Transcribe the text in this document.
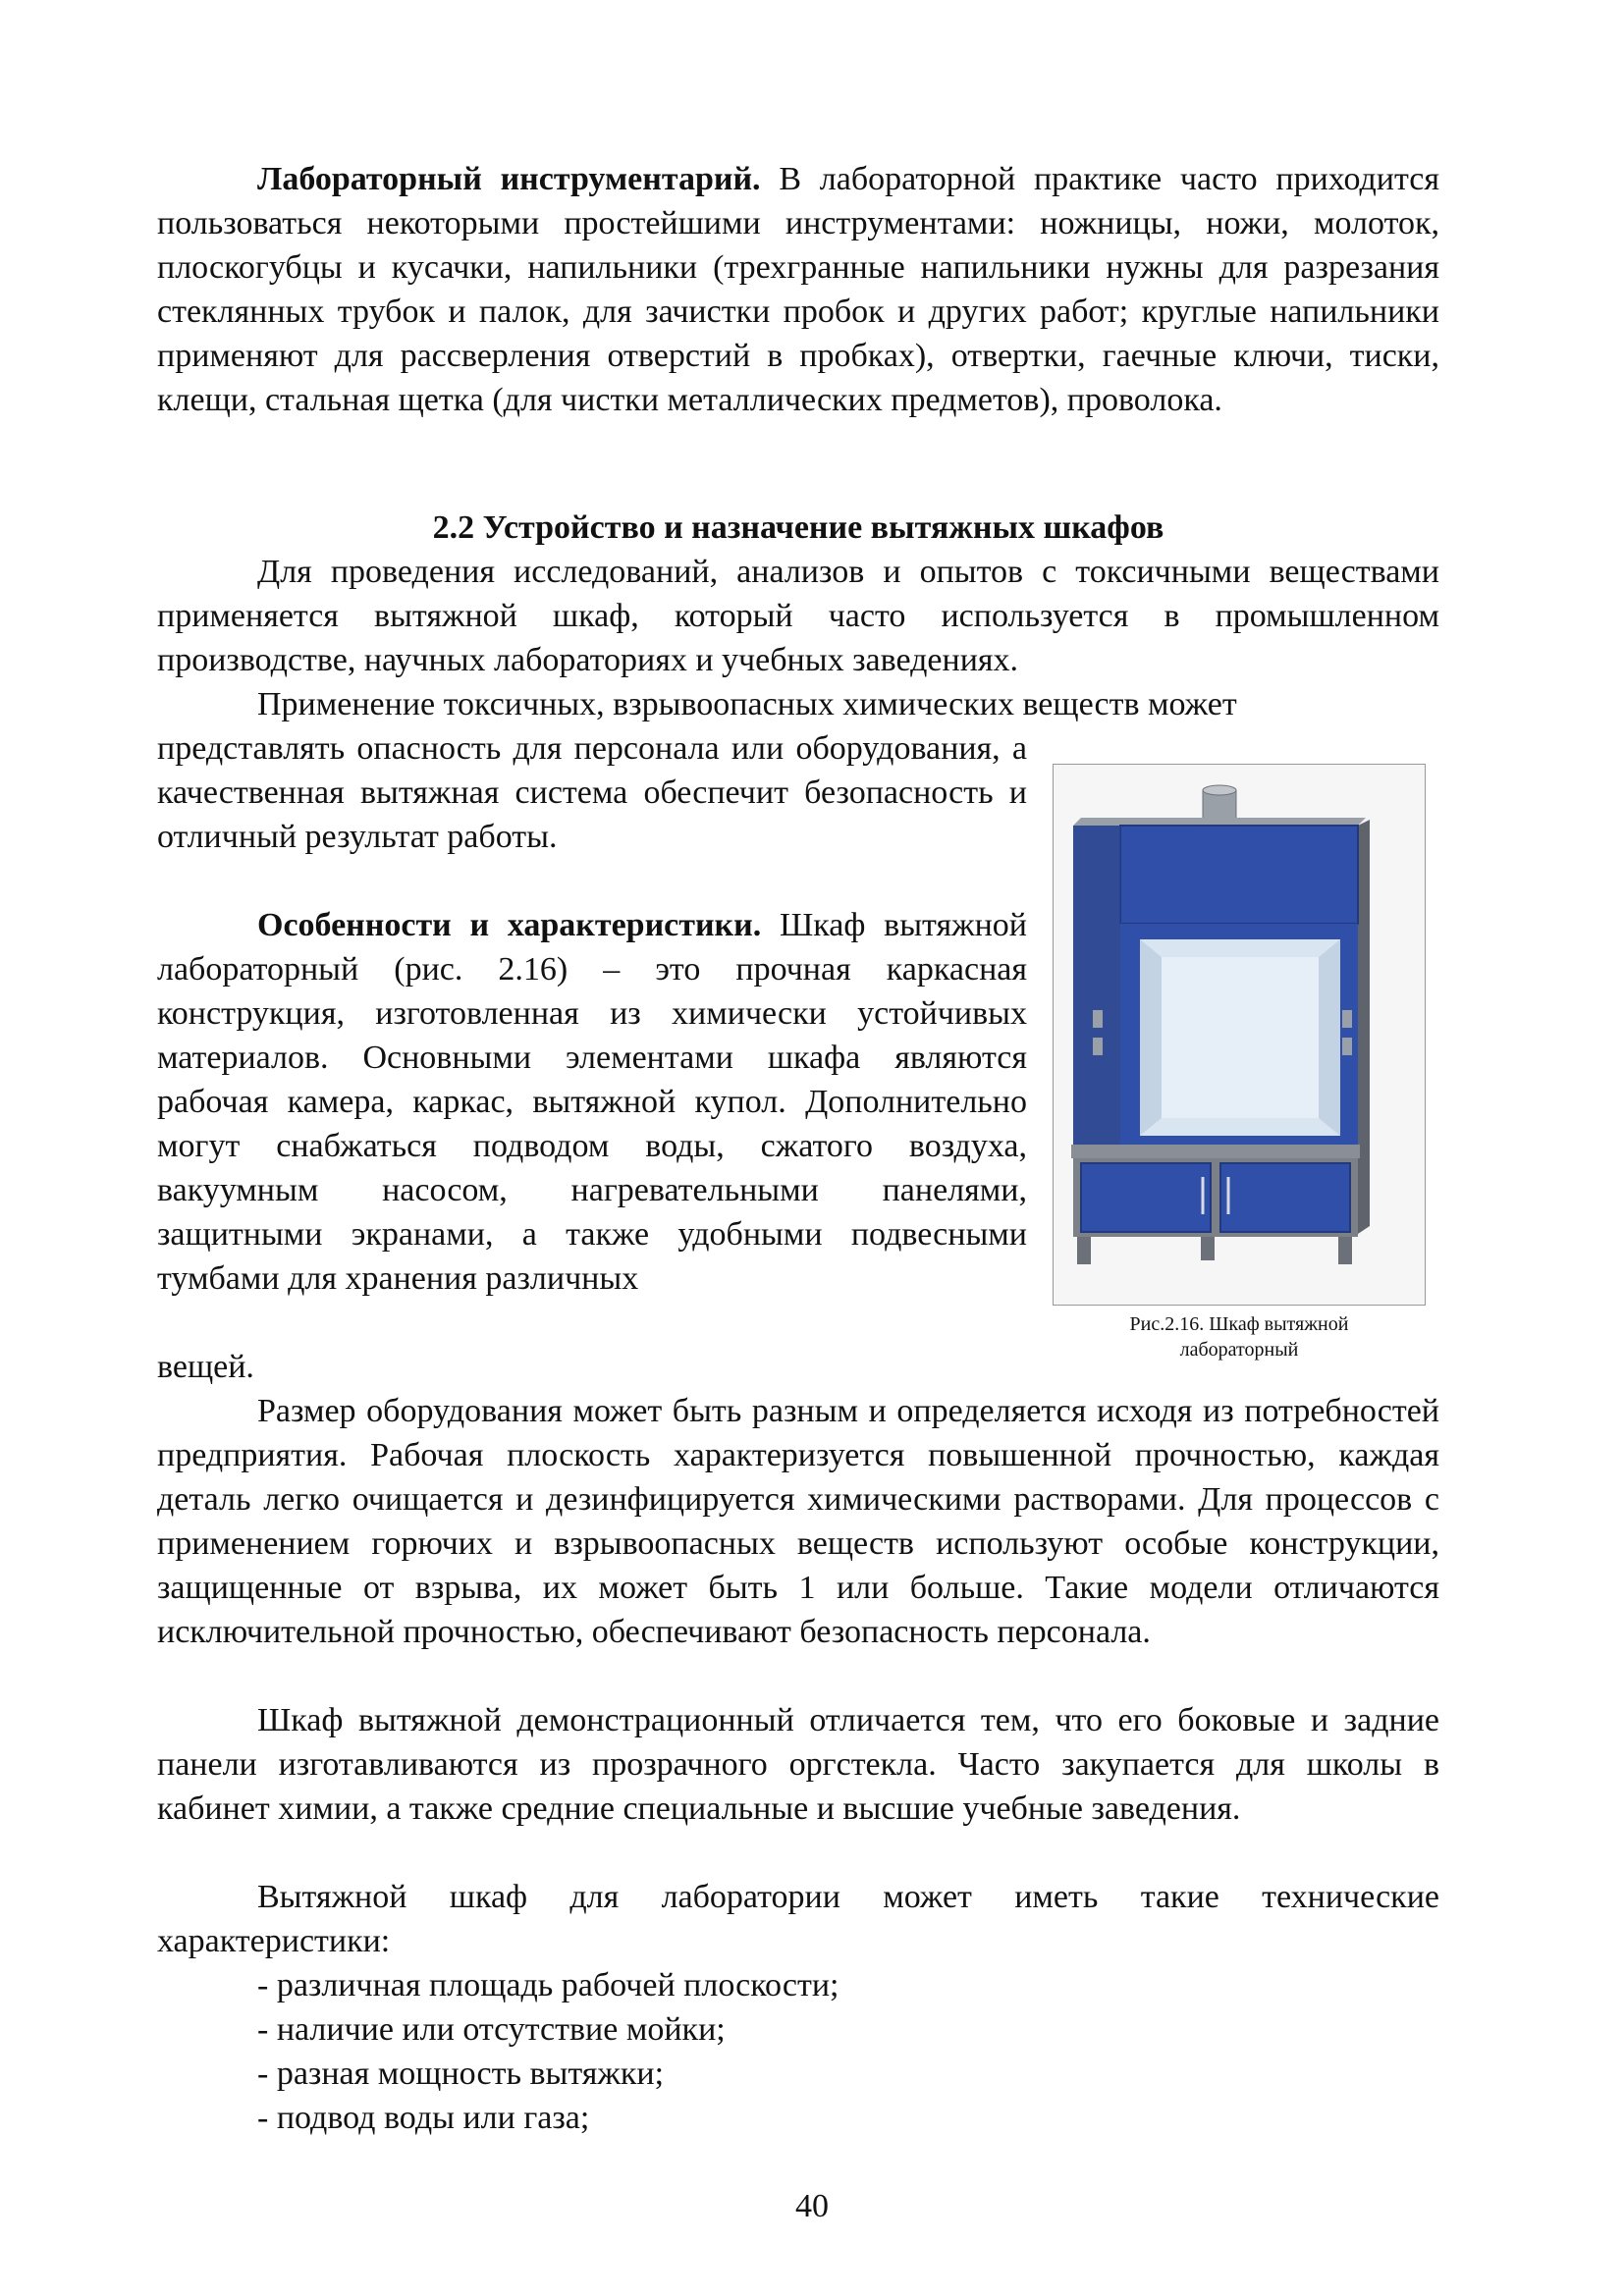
Лабораторный инструментарий. В лабораторной практике часто приходится пользоваться некоторыми простейшими инструментами: ножницы, ножи, молоток, плоскогубцы и кусачки, напильники (трехгранные напильники нужны для разрезания стеклянных трубок и палок, для зачистки пробок и других работ; круглые напильники применяют для рассверления отверстий в пробках), отвертки, гаечные ключи, тиски, клещи, стальная щетка (для чистки металлических предметов), проволока.

2.2 Устройство и назначение вытяжных шкафов

Для проведения исследований, анализов и опытов с токсичными веществами применяется вытяжной шкаф, который часто используется в промышленном производстве, научных лабораториях и учебных заведениях.

Применение токсичных, взрывоопасных химических веществ может

представлять опасность для персонала или оборудования, а качественная вытяжная система обеспечит безопасность и отличный результат работы.

Особенности и характеристики. Шкаф вытяжной лабораторный (рис. 2.16) – это прочная каркасная конструкция, изготовленная из химически устойчивых материалов. Основными элементами шкафа являются рабочая камера, каркас, вытяжной купол. Дополнительно могут снабжаться подводом воды, сжатого воздуха, вакуумным насосом, нагревательными панелями, защитными экранами, а также удобными подвесными тумбами для хранения различных

вещей.

Рис.2.16. Шкаф вытяжной
лабораторный

Размер оборудования может быть разным и определяется исходя из потребностей предприятия. Рабочая плоскость характеризуется повышенной прочностью, каждая деталь легко очищается и дезинфицируется химическими растворами. Для процессов с применением горючих и взрывоопасных веществ используют особые конструкции, защищенные от взрыва, их может быть 1 или больше. Такие модели отличаются исключительной прочностью, обеспечивают безопасность персонала.

Шкаф вытяжной демонстрационный отличается тем, что его боковые и задние панели изготавливаются из прозрачного оргстекла. Часто закупается для школы в кабинет химии, а также средние специальные и высшие учебные заведения.

Вытяжной шкаф для лаборатории может иметь такие технические характеристики:

- различная площадь рабочей плоскости;

- наличие или отсутствие мойки;

- разная мощность вытяжки;

- подвод воды или газа;

40
